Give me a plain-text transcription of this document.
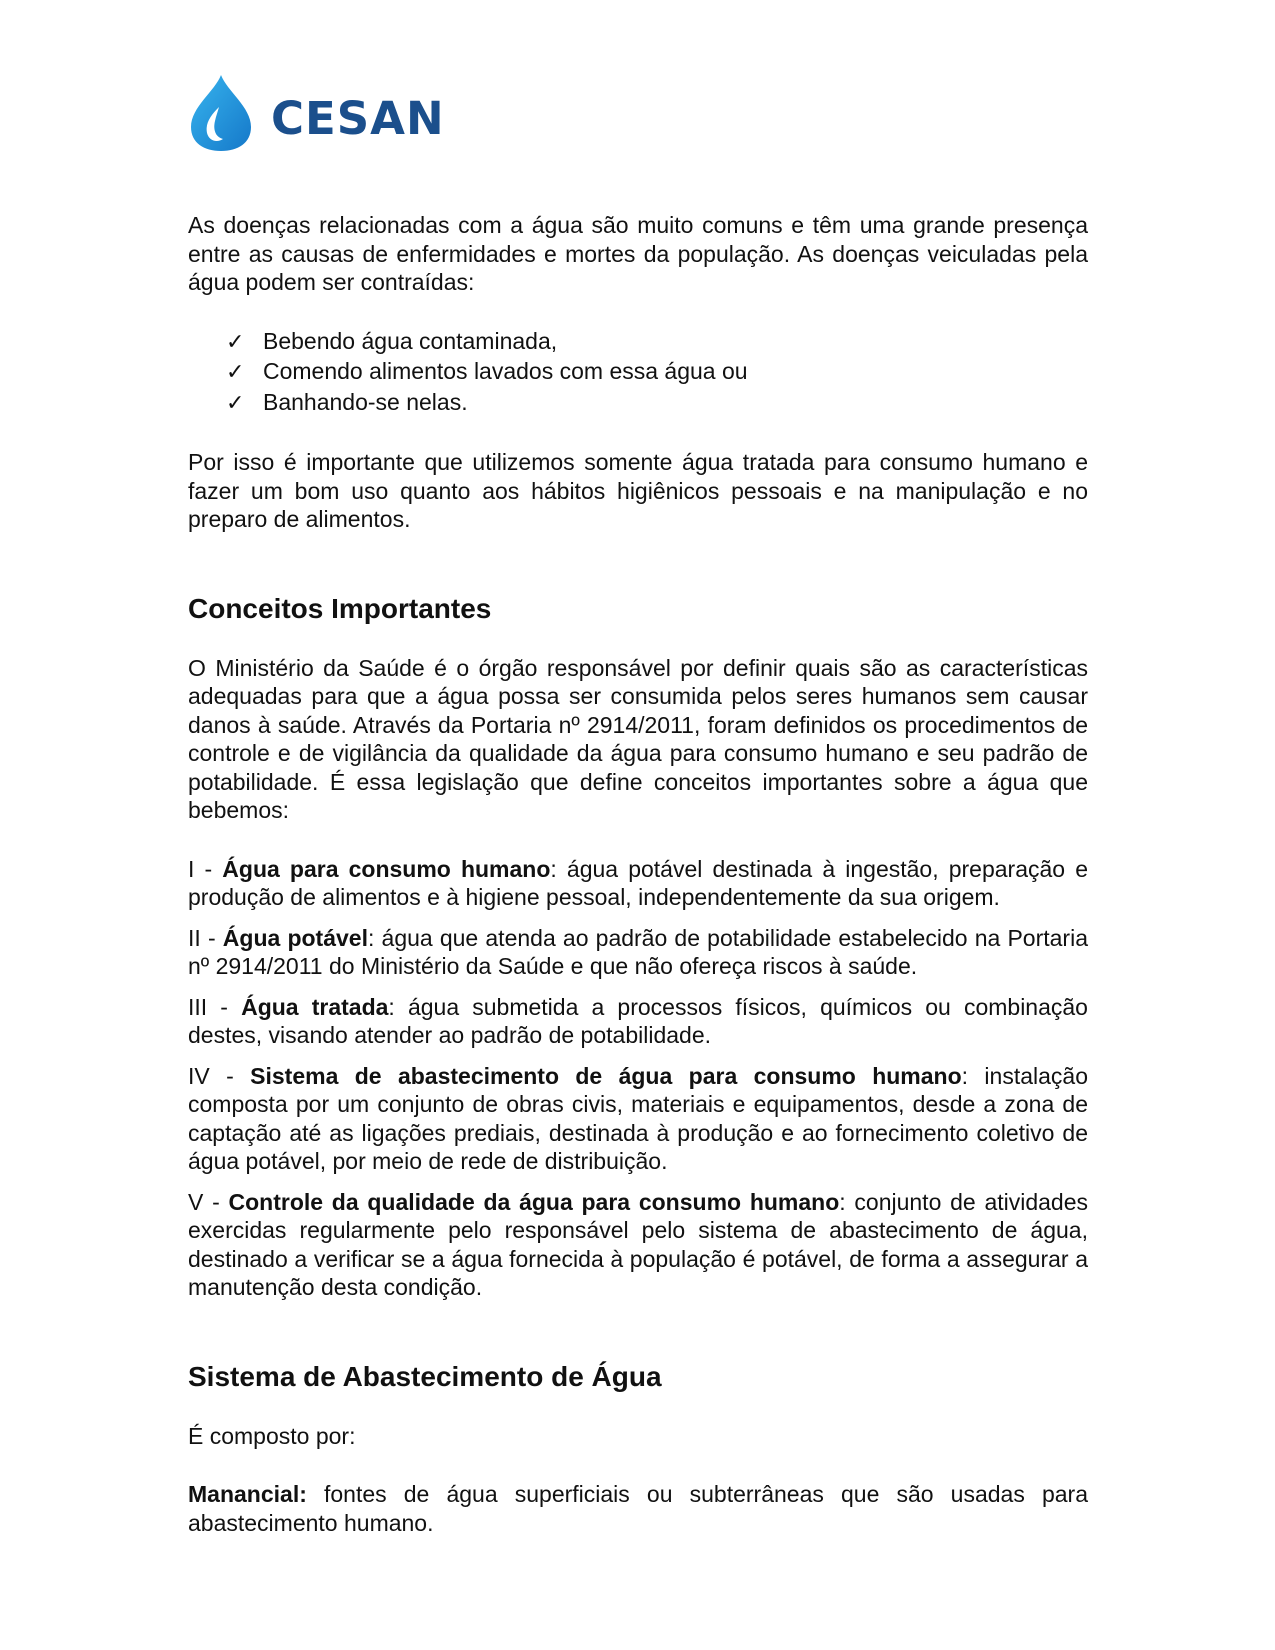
CESAN

As doenças relacionadas com a água são muito comuns e têm uma grande presença entre as causas de enfermidades e mortes da população. As doenças veiculadas pela água podem ser contraídas:

✓ Bebendo água contaminada,
✓ Comendo alimentos lavados com essa água ou
✓ Banhando-se nelas.

Por isso é importante que utilizemos somente água tratada para consumo humano e fazer um bom uso quanto aos hábitos higiênicos pessoais e na manipulação e no preparo de alimentos.

Conceitos Importantes

O Ministério da Saúde é o órgão responsável por definir quais são as características adequadas para que a água possa ser consumida pelos seres humanos sem causar danos à saúde. Através da Portaria nº 2914/2011, foram definidos os procedimentos de controle e de vigilância da qualidade da água para consumo humano e seu padrão de potabilidade. É essa legislação que define conceitos importantes sobre a água que bebemos:

I - Água para consumo humano: água potável destinada à ingestão, preparação e produção de alimentos e à higiene pessoal, independentemente da sua origem.

II - Água potável: água que atenda ao padrão de potabilidade estabelecido na Portaria nº 2914/2011 do Ministério da Saúde e que não ofereça riscos à saúde.

III - Água tratada: água submetida a processos físicos, químicos ou combinação destes, visando atender ao padrão de potabilidade.

IV - Sistema de abastecimento de água para consumo humano: instalação composta por um conjunto de obras civis, materiais e equipamentos, desde a zona de captação até as ligações prediais, destinada à produção e ao fornecimento coletivo de água potável, por meio de rede de distribuição.

V - Controle da qualidade da água para consumo humano: conjunto de atividades exercidas regularmente pelo responsável pelo sistema de abastecimento de água, destinado a verificar se a água fornecida à população é potável, de forma a assegurar a manutenção desta condição.

Sistema de Abastecimento de Água

É composto por:

Manancial: fontes de água superficiais ou subterrâneas que são usadas para abastecimento humano.
